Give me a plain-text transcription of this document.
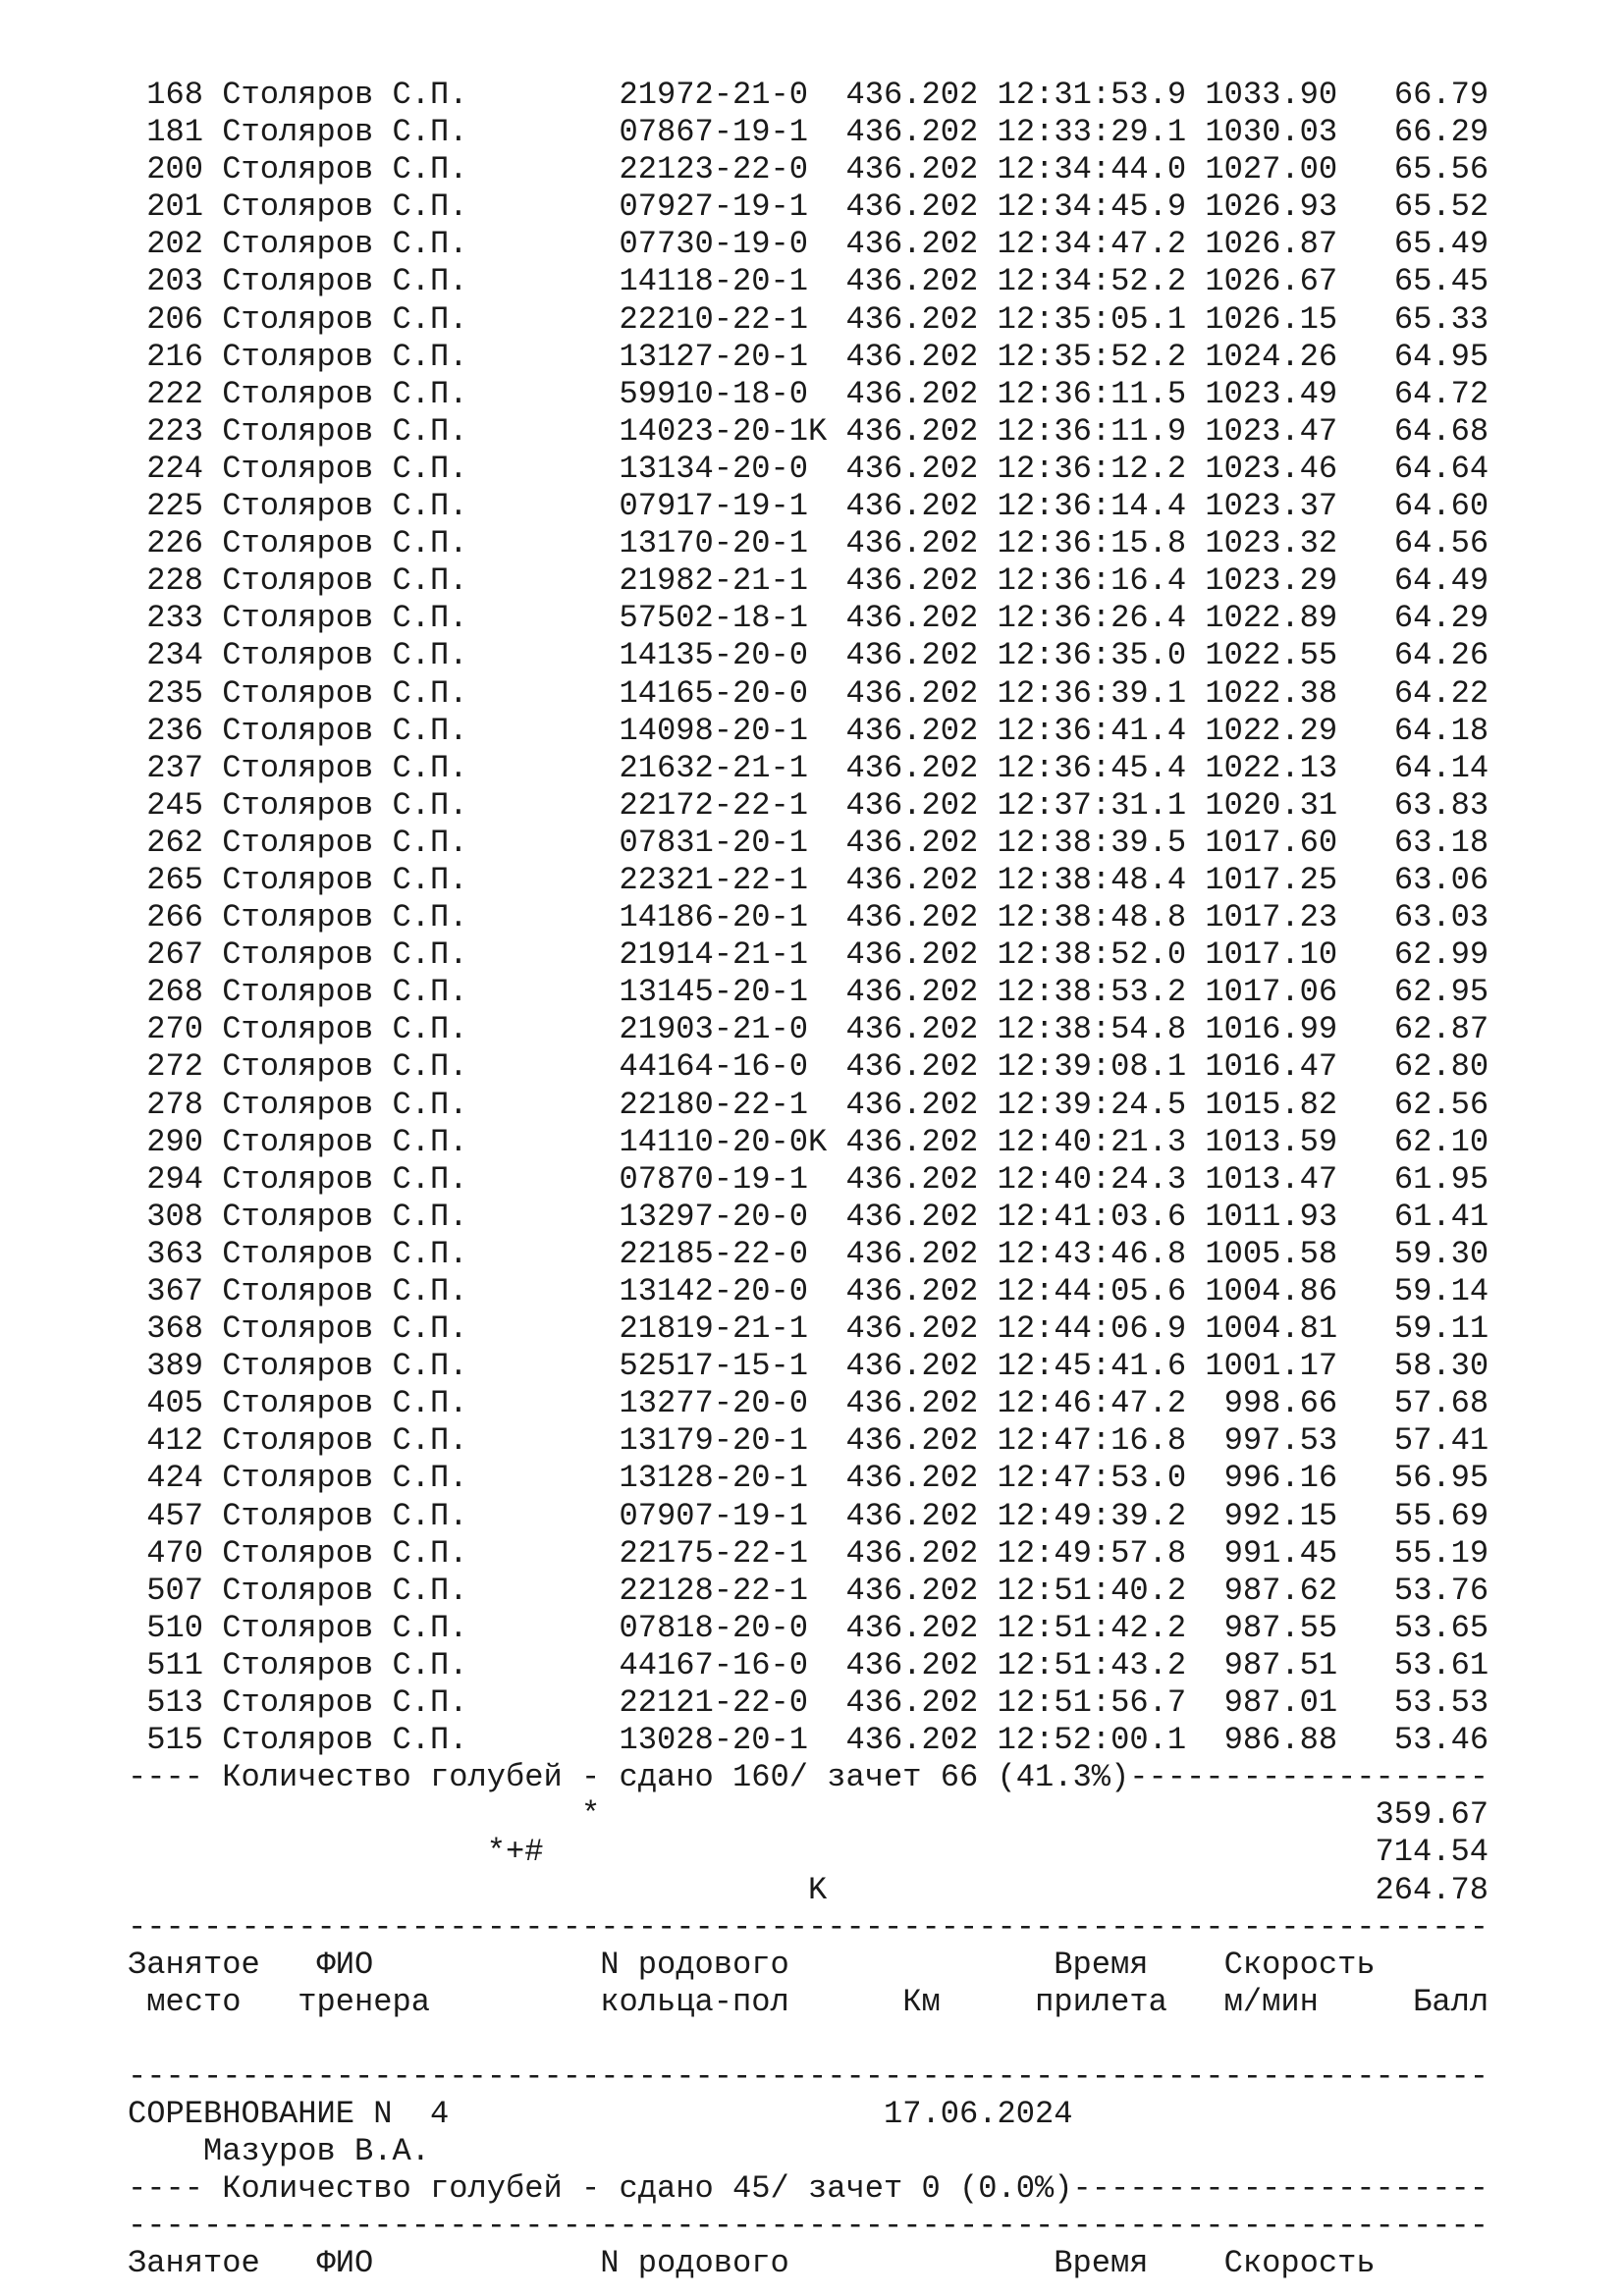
168 Столяров С.П.        21972-21-0  436.202 12:31:53.9 1033.90   66.79
181 Столяров С.П.        07867-19-1  436.202 12:33:29.1 1030.03   66.29
200 Столяров С.П.        22123-22-0  436.202 12:34:44.0 1027.00   65.56
201 Столяров С.П.        07927-19-1  436.202 12:34:45.9 1026.93   65.52
202 Столяров С.П.        07730-19-0  436.202 12:34:47.2 1026.87   65.49
203 Столяров С.П.        14118-20-1  436.202 12:34:52.2 1026.67   65.45
206 Столяров С.П.        22210-22-1  436.202 12:35:05.1 1026.15   65.33
216 Столяров С.П.        13127-20-1  436.202 12:35:52.2 1024.26   64.95
222 Столяров С.П.        59910-18-0  436.202 12:36:11.5 1023.49   64.72
223 Столяров С.П.        14023-20-1K 436.202 12:36:11.9 1023.47   64.68
224 Столяров С.П.        13134-20-0  436.202 12:36:12.2 1023.46   64.64
225 Столяров С.П.        07917-19-1  436.202 12:36:14.4 1023.37   64.60
226 Столяров С.П.        13170-20-1  436.202 12:36:15.8 1023.32   64.56
228 Столяров С.П.        21982-21-1  436.202 12:36:16.4 1023.29   64.49
233 Столяров С.П.        57502-18-1  436.202 12:36:26.4 1022.89   64.29
234 Столяров С.П.        14135-20-0  436.202 12:36:35.0 1022.55   64.26
235 Столяров С.П.        14165-20-0  436.202 12:36:39.1 1022.38   64.22
236 Столяров С.П.        14098-20-1  436.202 12:36:41.4 1022.29   64.18
237 Столяров С.П.        21632-21-1  436.202 12:36:45.4 1022.13   64.14
245 Столяров С.П.        22172-22-1  436.202 12:37:31.1 1020.31   63.83
262 Столяров С.П.        07831-20-1  436.202 12:38:39.5 1017.60   63.18
265 Столяров С.П.        22321-22-1  436.202 12:38:48.4 1017.25   63.06
266 Столяров С.П.        14186-20-1  436.202 12:38:48.8 1017.23   63.03
267 Столяров С.П.        21914-21-1  436.202 12:38:52.0 1017.10   62.99
268 Столяров С.П.        13145-20-1  436.202 12:38:53.2 1017.06   62.95
270 Столяров С.П.        21903-21-0  436.202 12:38:54.8 1016.99   62.87
272 Столяров С.П.        44164-16-0  436.202 12:39:08.1 1016.47   62.80
278 Столяров С.П.        22180-22-1  436.202 12:39:24.5 1015.82   62.56
290 Столяров С.П.        14110-20-0K 436.202 12:40:21.3 1013.59   62.10
294 Столяров С.П.        07870-19-1  436.202 12:40:24.3 1013.47   61.95
308 Столяров С.П.        13297-20-0  436.202 12:41:03.6 1011.93   61.41
363 Столяров С.П.        22185-22-0  436.202 12:43:46.8 1005.58   59.30
367 Столяров С.П.        13142-20-0  436.202 12:44:05.6 1004.86   59.14
368 Столяров С.П.        21819-21-1  436.202 12:44:06.9 1004.81   59.11
389 Столяров С.П.        52517-15-1  436.202 12:45:41.6 1001.17   58.30
405 Столяров С.П.        13277-20-0  436.202 12:46:47.2  998.66   57.68
412 Столяров С.П.        13179-20-1  436.202 12:47:16.8  997.53   57.41
424 Столяров С.П.        13128-20-1  436.202 12:47:53.0  996.16   56.95
457 Столяров С.П.        07907-19-1  436.202 12:49:39.2  992.15   55.69
470 Столяров С.П.        22175-22-1  436.202 12:49:57.8  991.45   55.19
507 Столяров С.П.        22128-22-1  436.202 12:51:40.2  987.62   53.76
510 Столяров С.П.        07818-20-0  436.202 12:51:42.2  987.55   53.65
511 Столяров С.П.        44167-16-0  436.202 12:51:43.2  987.51   53.61
513 Столяров С.П.        22121-22-0  436.202 12:51:56.7  987.01   53.53
515 Столяров С.П.        13028-20-1  436.202 12:52:00.1  986.88   53.46
---- Количество голубей - сдано 160/ зачет 66 (41.3%)-------------------
*                                         359.67
*+#                                            714.54
K                             264.78
------------------------------------------------------------------------
Занятое   ФИО            N родового              Время    Скорость
место   тренера         кольца-пол      Км     прилета   м/мин     Балл
------------------------------------------------------------------------
СОРЕВНОВАНИЕ N  4                       17.06.2024
Мазуров В.А.
---- Количество голубей - сдано 45/ зачет 0 (0.0%)----------------------
------------------------------------------------------------------------
Занятое   ФИО            N родового              Время    Скорость
